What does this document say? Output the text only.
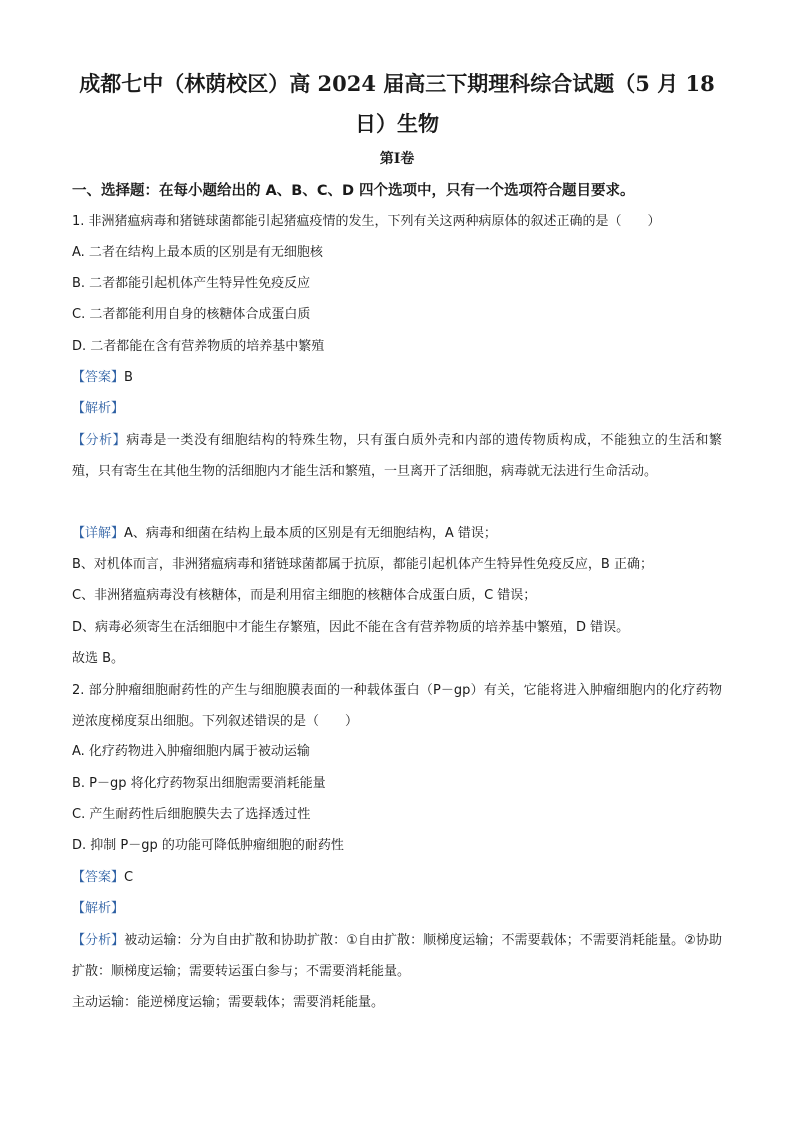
成都七中（林荫校区）高 2024 届高三下期理科综合试题（5 月 18
日）生物
第Ⅰ卷
一、选择题：在每小题给出的 A、B、C、D 四个选项中，只有一个选项符合题目要求。
1. 非洲猪瘟病毒和猪链球菌都能引起猪瘟疫情的发生，下列有关这两种病原体的叙述正确的是（　　）
A. 二者在结构上最本质的区别是有无细胞核
B. 二者都能引起机体产生特异性免疫反应
C. 二者都能利用自身的核糖体合成蛋白质
D. 二者都能在含有营养物质的培养基中繁殖
【答案】B
【解析】
【分析】病毒是一类没有细胞结构的特殊生物，只有蛋白质外壳和内部的遗传物质构成，不能独立的生活和繁殖，只有寄生在其他生物的活细胞内才能生活和繁殖，一旦离开了活细胞，病毒就无法进行生命活动。
【详解】A、病毒和细菌在结构上最本质的区别是有无细胞结构，A 错误；
B、对机体而言，非洲猪瘟病毒和猪链球菌都属于抗原，都能引起机体产生特异性免疫反应，B 正确；
C、非洲猪瘟病毒没有核糖体，而是利用宿主细胞的核糖体合成蛋白质，C 错误；
D、病毒必须寄生在活细胞中才能生存繁殖，因此不能在含有营养物质的培养基中繁殖，D 错误。
故选 B。
2. 部分肿瘤细胞耐药性的产生与细胞膜表面的一种载体蛋白（P－gp）有关，它能将进入肿瘤细胞内的化疗药物逆浓度梯度泵出细胞。下列叙述错误的是（　　）
A. 化疗药物进入肿瘤细胞内属于被动运输
B. P－gp 将化疗药物泵出细胞需要消耗能量
C. 产生耐药性后细胞膜失去了选择透过性
D. 抑制 P－gp 的功能可降低肿瘤细胞的耐药性
【答案】C
【解析】
【分析】被动运输：分为自由扩散和协助扩散：①自由扩散：顺梯度运输；不需要载体；不需要消耗能量。②协助扩散：顺梯度运输；需要转运蛋白参与；不需要消耗能量。
主动运输：能逆梯度运输；需要载体；需要消耗能量。
